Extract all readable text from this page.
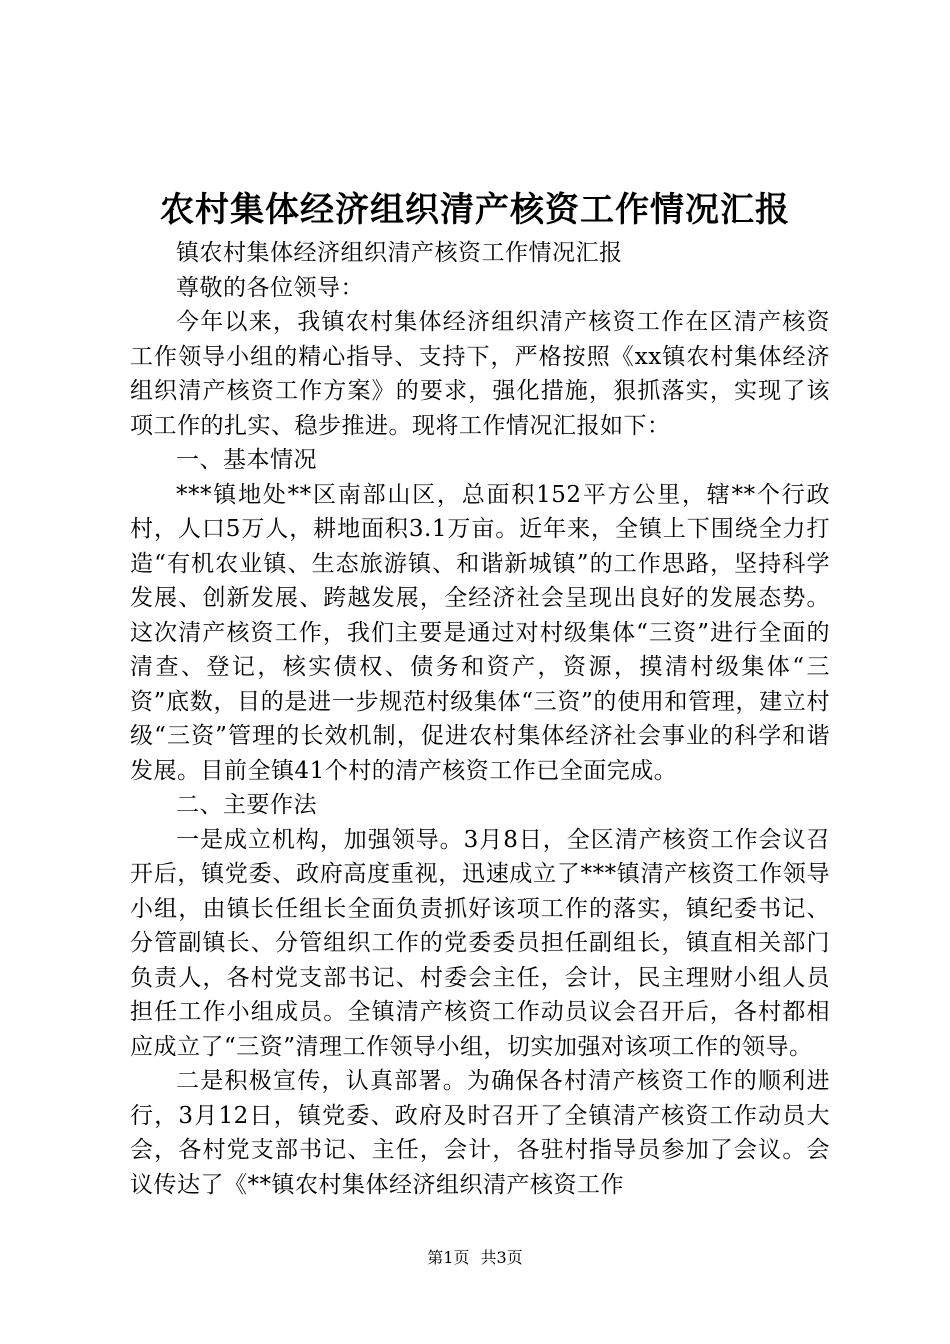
农村集体经济组织清产核资工作情况汇报

镇农村集体经济组织清产核资工作情况汇报

尊敬的各位领导：

今年以来，我镇农村集体经济组织清产核资工作在区清产核资工作领导小组的精心指导、支持下，严格按照《xx镇农村集体经济组织清产核资工作方案》的要求，强化措施，狠抓落实，实现了该项工作的扎实、稳步推进。现将工作情况汇报如下：

一、基本情况

***镇地处**区南部山区，总面积152平方公里，辖**个行政村，人口5万人，耕地面积3.1万亩。近年来，全镇上下围绕全力打造“有机农业镇、生态旅游镇、和谐新城镇”的工作思路，坚持科学发展、创新发展、跨越发展，全经济社会呈现出良好的发展态势。这次清产核资工作，我们主要是通过对村级集体“三资”进行全面的清查、登记，核实债权、债务和资产，资源，摸清村级集体“三资”底数，目的是进一步规范村级集体“三资”的使用和管理，建立村级“三资”管理的长效机制，促进农村集体经济社会事业的科学和谐发展。目前全镇41个村的清产核资工作已全面完成。

二、主要作法

一是成立机构，加强领导。3月8日，全区清产核资工作会议召开后，镇党委、政府高度重视，迅速成立了***镇清产核资工作领导小组，由镇长任组长全面负责抓好该项工作的落实，镇纪委书记、分管副镇长、分管组织工作的党委委员担任副组长，镇直相关部门负责人，各村党支部书记、村委会主任，会计，民主理财小组人员担任工作小组成员。全镇清产核资工作动员议会召开后，各村都相应成立了“三资”清理工作领导小组，切实加强对该项工作的领导。

二是积极宣传，认真部署。为确保各村清产核资工作的顺利进行，3月12日，镇党委、政府及时召开了全镇清产核资工作动员大会，各村党支部书记、主任，会计，各驻村指导员参加了会议。会议传达了《**镇农村集体经济组织清产核资工作

第1页 共3页
